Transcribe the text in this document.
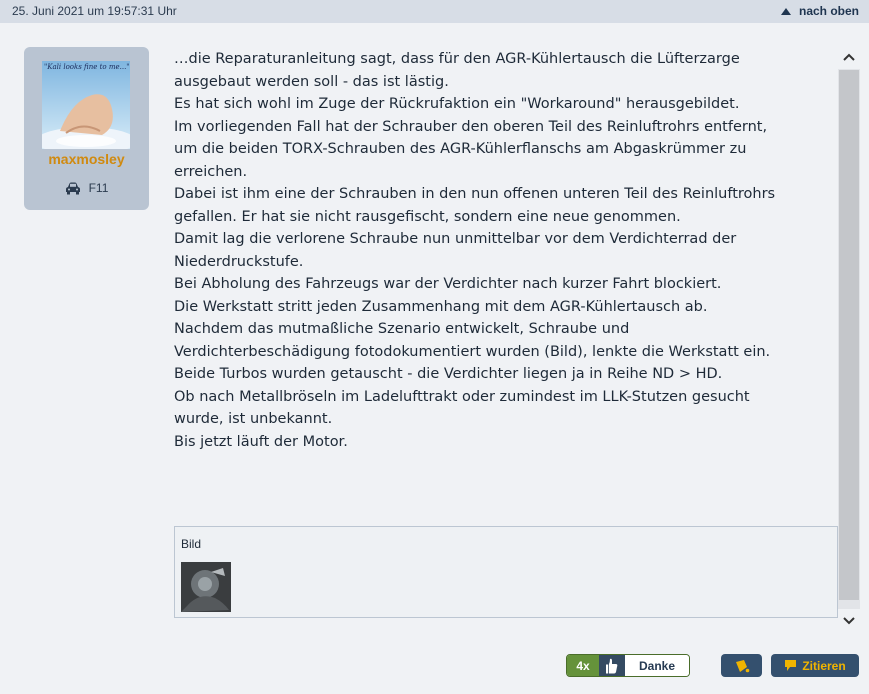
25. Juni 2021 um 19:57:31 Uhr	nach oben
"Kali looks fine to me..."
maxmosley
F11

…die Reparaturanleitung sagt, dass für den AGR-Kühlertausch die Lüfterzarge

ausgebaut werden soll - das ist lästig.

Es hat sich wohl im Zuge der Rückrufaktion ein "Workaround" herausgebildet.

Im vorliegenden Fall hat der Schrauber den oberen Teil des Reinluftrohrs entfernt,

um die beiden TORX-Schrauben des AGR-Kühlerflanschs am Abgaskrümmer zu

erreichen.

Dabei ist ihm eine der Schrauben in den nun offenen unteren Teil des Reinluftrohrs

gefallen. Er hat sie nicht rausgefischt, sondern eine neue genommen.

Damit lag die verlorene Schraube nun unmittelbar vor dem Verdichterrad der

Niederdruckstufe.

Bei Abholung des Fahrzeugs war der Verdichter nach kurzer Fahrt blockiert.

Die Werkstatt stritt jeden Zusammenhang mit dem AGR-Kühlertausch ab.

Nachdem das mutmaßliche Szenario entwickelt, Schraube und

Verdichterbeschädigung fotodokumentiert wurden (Bild), lenkte die Werkstatt ein.

Beide Turbos wurden getauscht - die Verdichter liegen ja in Reihe ND > HD.

Ob nach Metallbröseln im Ladelufttrakt oder zumindest im LLK-Stutzen gesucht

wurde, ist unbekannt.

Bis jetzt läuft der Motor.

Bild
4x	Danke	Zitieren
